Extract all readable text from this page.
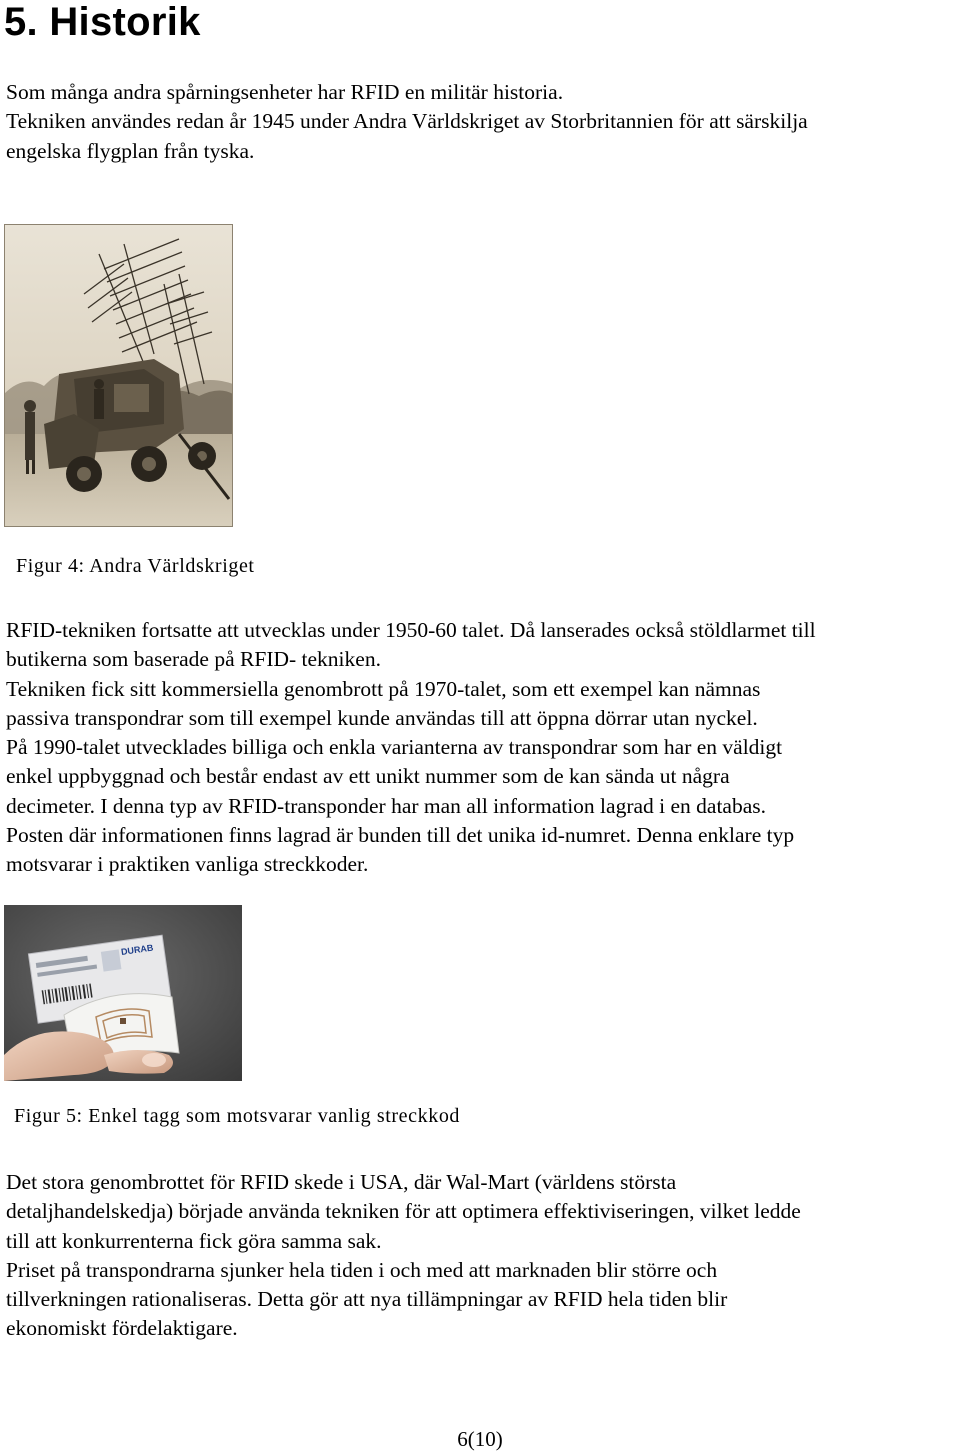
5. Historik

Som många andra spårningsenheter har RFID en militär historia.
Tekniken användes redan år 1945 under Andra Världskriget av Storbritannien för att särskilja
engelska flygplan från tyska.

Figur 4: Andra Världskriget

RFID-tekniken fortsatte att utvecklas under 1950-60 talet. Då lanserades också stöldlarmet till
butikerna som baserade på RFID- tekniken.
Tekniken fick sitt kommersiella genombrott på 1970-talet, som ett exempel kan nämnas
passiva transpondrar som till exempel kunde användas till att öppna dörrar utan nyckel.
På 1990-talet utvecklades billiga och enkla varianterna av transpondrar som har en väldigt
enkel uppbyggnad och består endast av ett unikt nummer som de kan sända ut några
decimeter. I denna typ av RFID-transponder har man all information lagrad i en databas.
Posten där informationen finns lagrad är bunden till det unika id-numret. Denna enklare typ
motsvarar i praktiken vanliga streckkoder.

DURAB

Figur 5: Enkel tagg som motsvarar vanlig streckkod

Det stora genombrottet för RFID skede i USA, där Wal-Mart (världens största
detaljhandelskedja) började använda tekniken för att optimera effektiviseringen, vilket ledde
till att konkurrenterna fick göra samma sak.
Priset på transpondrarna sjunker hela tiden i och med att marknaden blir större och
tillverkningen rationaliseras. Detta gör att nya tillämpningar av RFID hela tiden blir
ekonomiskt fördelaktigare.

6(10)
